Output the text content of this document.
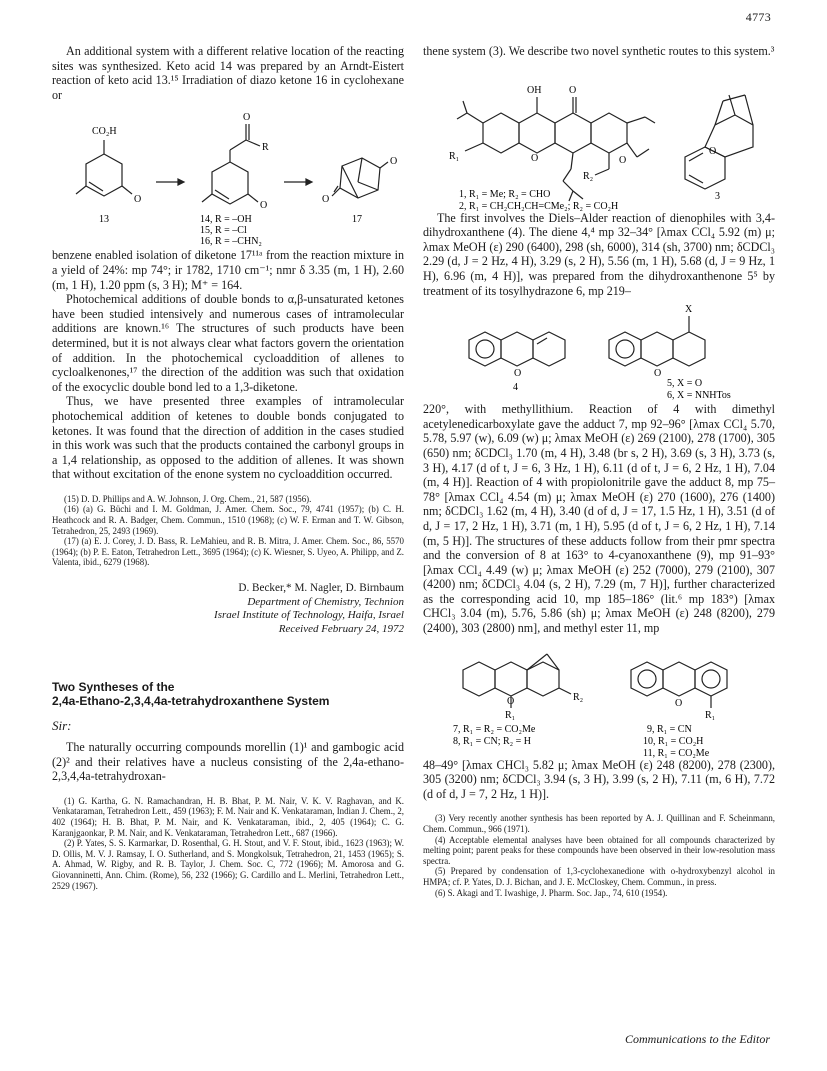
4773

An additional system with a different relative location of the reacting sites was synthesized. Keto acid 14 was prepared by an Arndt-Eistert reaction of keto acid 13.¹⁵ Irradiation of diazo ketone 16 in cyclohexane or

CO₂H
O
O
R
O
O
O
13	14, R = –OH
15, R = –Cl
16, R = –CHN₂
17

benzene enabled isolation of diketone 17¹¹ᵃ from the reaction mixture in a yield of 24%: mp 74°; ir 1782, 1710 cm⁻¹; nmr δ 3.35 (m, 1 H), 2.60 (m, 1 H), 1.20 ppm (s, 3 H); M⁺ = 164.

Photochemical additions of double bonds to α,β-unsaturated ketones have been studied intensively and numerous cases of intramolecular additions are known.¹⁶ The structures of such products have been determined, but it is not always clear what factors govern the orientation of addition. In the photochemical cycloaddition of allenes to cycloalkenones,¹⁷ the direction of the addition was such that oxidation of the exocyclic double bond led to a 1,3-diketone.

Thus, we have presented three examples of intramolecular photochemical addition of ketenes to double bonds conjugated to ketones. It was found that the direction of addition in the cases studied in this work was such that the products contained the carbonyl groups in a 1,4 relationship, as opposed to the addition of allenes. It was shown that without excitation of the enone system no cycloaddition occurred.

(15) D. D. Phillips and A. W. Johnson, J. Org. Chem., 21, 587 (1956).
(16) (a) G. Büchi and I. M. Goldman, J. Amer. Chem. Soc., 79, 4741 (1957); (b) C. H. Heathcock and R. A. Badger, Chem. Commun., 1510 (1968); (c) W. F. Erman and T. W. Gibson, Tetrahedron, 25, 2493 (1969).
(17) (a) E. J. Corey, J. D. Bass, R. LeMahieu, and R. B. Mitra, J. Amer. Chem. Soc., 86, 5570 (1964); (b) P. E. Eaton, Tetrahedron Lett., 3695 (1964); (c) K. Wiesner, S. Uyeo, A. Philipp, and Z. Valenta, ibid., 6279 (1968).
D. Becker,* M. Nagler, D. Birnbaum
Department of Chemistry, Technion
Israel Institute of Technology, Haifa, Israel
Received February 24, 1972
Two Syntheses of the
2,4a-Ethano-2,3,4,4a-tetrahydroxanthene System
Sir:

The naturally occurring compounds morellin (1)¹ and gambogic acid (2)² and their relatives have a nucleus consisting of the 2,4a-ethano-2,3,4,4a-tetrahydroxan-

(1) G. Kartha, G. N. Ramachandran, H. B. Bhat, P. M. Nair, V. K. V. Raghavan, and K. Venkataraman, Tetrahedron Lett., 459 (1963); F. M. Nair and K. Venkataraman, Indian J. Chem., 2, 402 (1964); H. B. Bhat, P. M. Nair, and K. Venkataraman, ibid., 2, 405 (1964); C. G. Karanjgaonkar, P. M. Nair, and K. Venkataraman, Tetrahedron Lett., 687 (1966).
(2) P. Yates, S. S. Karmarkar, D. Rosenthal, G. H. Stout, and V. F. Stout, ibid., 1623 (1963); W. D. Ollis, M. V. J. Ramsay, I. O. Sutherland, and S. Mongkolsuk, Tetrahedron, 21, 1453 (1965); S. A. Ahmad, W. Rigby, and R. B. Taylor, J. Chem. Soc. C, 772 (1966); M. Amorosa and G. Giovanninetti, Ann. Chim. (Rome), 56, 232 (1966); G. Cardillo and L. Merlini, Tetrahedron Lett., 2529 (1967).

thene system (3). We describe two novel synthetic routes to this system.³

OH	O
R₁	O	O
R₂
O
1, R₁ = Me; R₂ = CHO
2, R₁ = CH₂CH₂CH=CMe₂; R₂ = CO₂H
3

The first involves the Diels–Alder reaction of dienophiles with 3,4-dihydroxanthene (4). The diene 4,⁴ mp 32–34° [λmax CCl₄ 5.92 (m) μ; λmax MeOH (ε) 290 (6400), 298 (sh, 6000), 314 (sh, 3700) nm; δCDCl₃ 2.29 (d, J = 2 Hz, 4 H), 3.29 (s, 2 H), 5.56 (m, 1 H), 5.68 (d, J = 9 Hz, 1 H), 6.96 (m, 4 H)], was prepared from the dihydroxanthenone 5⁵ by treatment of its tosylhydrazone 6, mp 219–

O	O
X
4	5, X = O
6, X = NNHTos

220°, with methyllithium. Reaction of 4 with dimethyl acetylenedicarboxylate gave the adduct 7, mp 92–96° [λmax CCl₄ 5.70, 5.78, 5.97 (w), 6.09 (w) μ; λmax MeOH (ε) 269 (2100), 278 (1700), 305 (650) nm; δCDCl₃ 1.70 (m, 4 H), 3.48 (br s, 2 H), 3.69 (s, 3 H), 3.73 (s, 3 H), 4.17 (d of t, J = 6, 3 Hz, 1 H), 6.11 (d of t, J = 6, 2 Hz, 1 H), 7.04 (m, 4 H)]. Reaction of 4 with propiolonitrile gave the adduct 8, mp 75–78° [λmax CCl₄ 4.54 (m) μ; λmax MeOH (ε) 270 (1600), 276 (1400) nm; δCDCl₃ 1.62 (m, 4 H), 3.40 (d of d, J = 17, 1.5 Hz, 1 H), 3.51 (d of d, J = 17, 2 Hz, 1 H), 3.71 (m, 1 H), 5.95 (d of t, J = 6, 2 Hz, 1 H), 7.14 (m, 5 H)]. The structures of these adducts follow from their pmr spectra and the conversion of 8 at 163° to 4-cyanoxanthene (9), mp 91–93° [λmax CCl₄ 4.49 (w) μ; λmax MeOH (ε) 252 (7000), 279 (2100), 307 (4200) nm; δCDCl₃ 4.04 (s, 2 H), 7.29 (m, 7 H)], further characterized as the corresponding acid 10, mp 185–186° (lit.⁶ mp 183°) [λmax CHCl₃ 3.04 (m), 5.76, 5.86 (sh) μ; λmax MeOH (ε) 248 (8200), 279 (2400), 303 (2800) nm], and methyl ester 11, mp

O	R₂
R₁
O
R₁
7, R₁ = R₂ = CO₂Me
8, R₁ = CN; R₂ = H
9, R₁ = CN
10, R₁ = CO₂H
11, R₁ = CO₂Me

48–49° [λmax CHCl₃ 5.82 μ; λmax MeOH (ε) 248 (8200), 278 (2300), 305 (3200) nm; δCDCl₃ 3.94 (s, 3 H), 3.99 (s, 2 H), 7.11 (m, 6 H), 7.72 (d of d, J = 7, 2 Hz, 1 H)].

(3) Very recently another synthesis has been reported by A. J. Quillinan and F. Scheinmann, Chem. Commun., 966 (1971).
(4) Acceptable elemental analyses have been obtained for all compounds characterized by melting point; parent peaks for these compounds have been observed in their low-resolution mass spectra.
(5) Prepared by condensation of 1,3-cyclohexanedione with o-hydroxybenzyl alcohol in HMPA; cf. P. Yates, D. J. Bichan, and J. E. McCloskey, Chem. Commun., in press.
(6) S. Akagi and T. Iwashige, J. Pharm. Soc. Jap., 74, 610 (1954).
Communications to the Editor
